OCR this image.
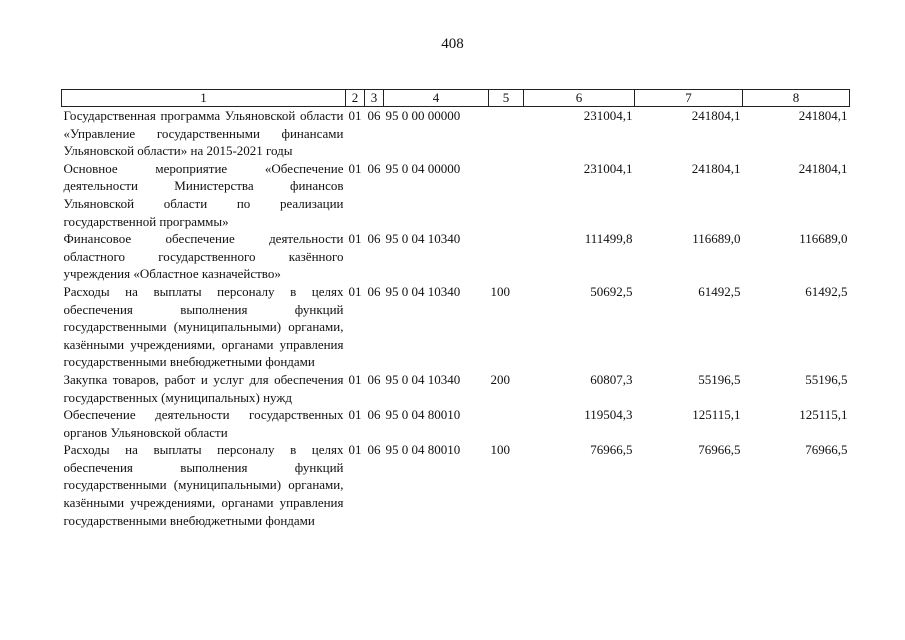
408
1	2	3	4	5	6	7	8
Государственная программа Ульяновской области «Управление государственными финансами Ульяновской области» на 2015-2021 годы	01	06	95 0 00 00000		231004,1	241804,1	241804,1
Основное мероприятие «Обеспечение деятельности Министерства финансов Ульяновской области по реализации государственной программы»	01	06	95 0 04 00000		231004,1	241804,1	241804,1
Финансовое обеспечение деятельности областного государственного казённого учреждения «Областное казначейство»	01	06	95 0 04 10340		111499,8	116689,0	116689,0
Расходы на выплаты персоналу в целях обеспечения выполнения функций государственными (муниципальными) органами, казёнными учреждениями, органами управления государственными внебюджетными фондами	01	06	95 0 04 10340	100	50692,5	61492,5	61492,5
Закупка товаров, работ и услуг для обеспечения государственных (муниципальных) нужд	01	06	95 0 04 10340	200	60807,3	55196,5	55196,5
Обеспечение деятельности государственных органов Ульяновской области	01	06	95 0 04 80010		119504,3	125115,1	125115,1
Расходы на выплаты персоналу в целях обеспечения выполнения функций государственными (муниципальными) органами, казёнными учреждениями, органами управления государственными внебюджетными фондами	01	06	95 0 04 80010	100	76966,5	76966,5	76966,5
